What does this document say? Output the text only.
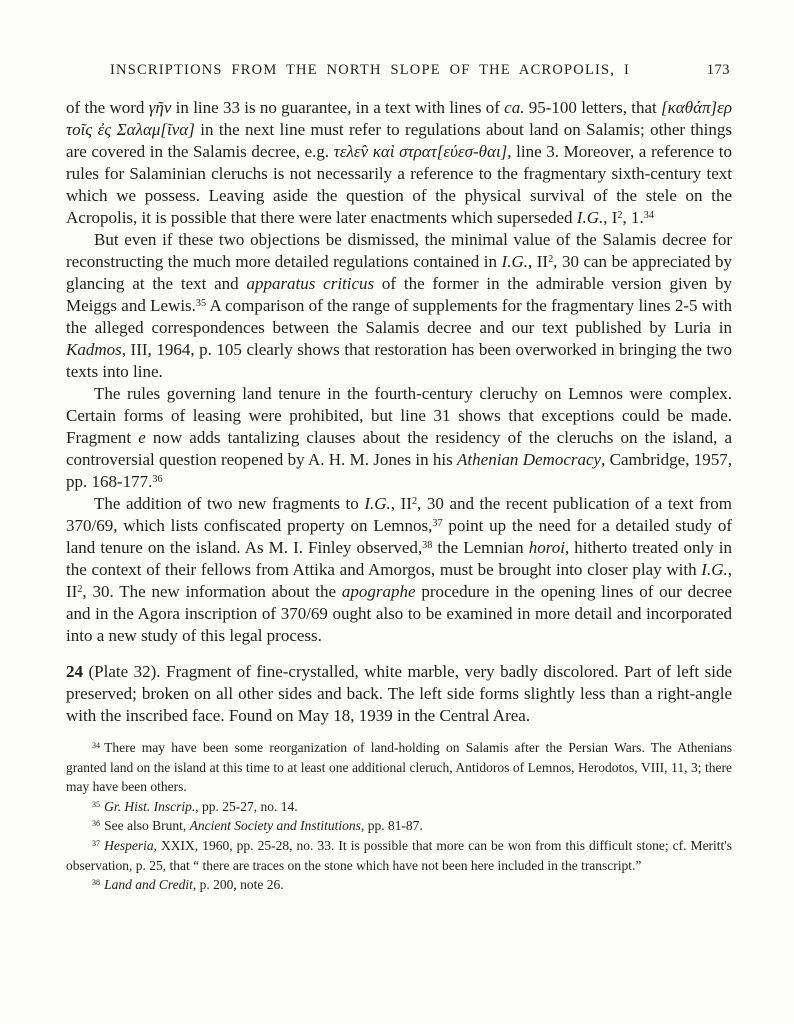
INSCRIPTIONS FROM THE NORTH SLOPE OF THE ACROPOLIS, I	173

of the word γῆν in line 33 is no guarantee, in a text with lines of ca. 95-100 letters, that [καθάπ]ερ τοῖς ἐς Σαλαμ[ῖνα] in the next line must refer to regulations about land on Salamis; other things are covered in the Salamis decree, e.g. τελε̂ν καὶ στρατ[εύεσ-θαι], line 3. Moreover, a reference to rules for Salaminian cleruchs is not necessarily a reference to the fragmentary sixth-century text which we possess. Leaving aside the question of the physical survival of the stele on the Acropolis, it is possible that there were later enactments which superseded I.G., $I^2$, 1.34

But even if these two objections be dismissed, the minimal value of the Salamis decree for reconstructing the much more detailed regulations contained in I.G., $II^2$, 30 can be appreciated by glancing at the text and apparatus criticus of the former in the admirable version given by Meiggs and Lewis.$^{35}$ A comparison of the range of supplements for the fragmentary lines 2-5 with the alleged correspondences between the Salamis decree and our text published by Luria in Kadmos, III, 1964, p. 105 clearly shows that restoration has been overworked in bringing the two texts into line.

The rules governing land tenure in the fourth-century cleruchy on Lemnos were complex. Certain forms of leasing were prohibited, but line 31 shows that exceptions could be made. Fragment e now adds tantalizing clauses about the residency of the cleruchs on the island, a controversial question reopened by A. H. M. Jones in his Athenian Democracy, Cambridge, 1957, pp. 168-177.36

The addition of two new fragments to I.G., $II^2$, 30 and the recent publication of a text from 370/69, which lists confiscated property on Lemnos,$^{37}$ point up the need for a detailed study of land tenure on the island. As M. I. Finley observed,$^{38}$ the Lemnian horoi, hitherto treated only in the context of their fellows from Attika and Amorgos, must be brought into closer play with I.G., $II^2$, 30. The new information about the apographe procedure in the opening lines of our decree and in the Agora inscription of 370/69 ought also to be examined in more detail and incorporated into a new study of this legal process.

24 (Plate 32). Fragment of fine-crystalled, white marble, very badly discolored. Part of left side preserved; broken on all other sides and back. The left side forms slightly less than a right-angle with the inscribed face. Found on May 18, 1939 in the Central Area.

$^{34}$ There may have been some reorganization of land-holding on Salamis after the Persian Wars. The Athenians granted land on the island at this time to at least one additional cleruch, Antidoros of Lemnos, Herodotos, VIII, 11, 3; there may have been others.

$^{35}$ Gr. Hist. Inscrip., pp. 25-27, no. 14.

$^{36}$ See also Brunt, Ancient Society and Institutions, pp. 81-87.

$^{37}$ Hesperia, XXIX, 1960, pp. 25-28, no. 33. It is possible that more can be won from this difficult stone; cf. Meritt's observation, p. 25, that “ there are traces on the stone which have not been here included in the transcript.”

$^{38}$ Land and Credit, p. 200, note 26.
